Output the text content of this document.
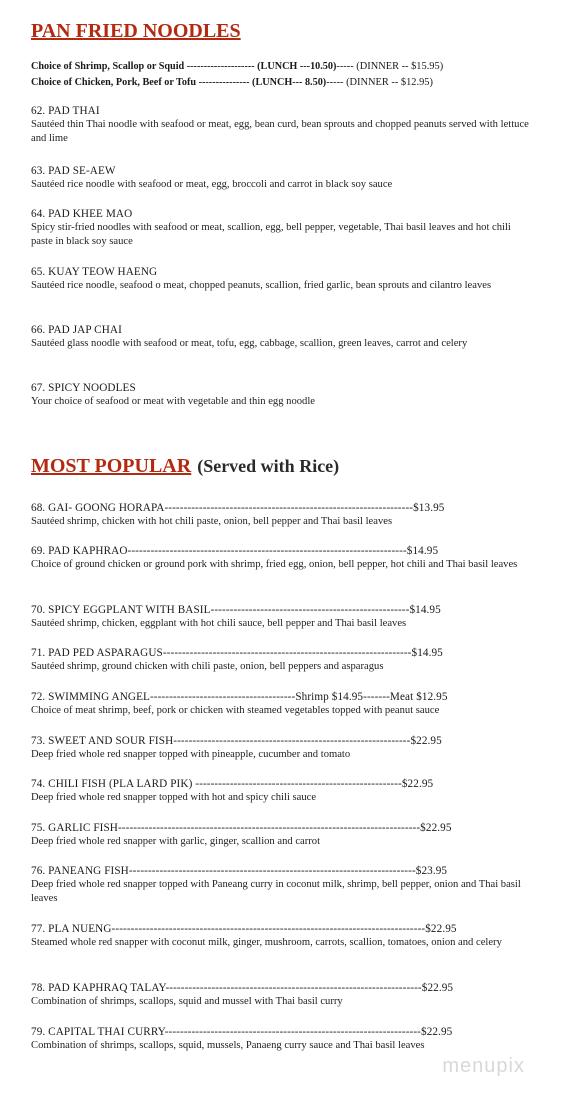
PAN FRIED NOODLES
Choice of Shrimp, Scallop or Squid -------------------- (LUNCH ---10.50)----- (DINNER -- $15.95)
Choice of Chicken, Pork, Beef or Tofu --------------- (LUNCH--- 8.50)----- (DINNER -- $12.95)
62. PAD THAI
Sautéed thin Thai noodle with seafood or meat, egg, bean curd, bean sprouts and chopped peanuts served with lettuce and lime
63. PAD SE-AEW
Sautéed rice noodle with seafood or meat, egg, broccoli and carrot in black soy sauce
64. PAD KHEE MAO
Spicy stir-fried noodles with seafood or meat, scallion, egg, bell pepper, vegetable, Thai basil leaves and hot chili paste in black soy sauce
65. KUAY TEOW HAENG
Sautéed rice noodle, seafood o meat, chopped peanuts, scallion, fried garlic, bean sprouts and cilantro leaves
66. PAD JAP CHAI
Sautéed glass noodle with seafood or meat, tofu, egg, cabbage, scallion, green leaves, carrot and celery
67. SPICY NOODLES
Your choice of seafood or meat with vegetable and thin egg noodle
MOST POPULAR (Served with Rice)
68. GAI- GOONG HORAPA-----------------------------------------------------------------$13.95
Sautéed shrimp, chicken with hot chili paste, onion, bell pepper and Thai basil leaves
69. PAD KAPHRAO-------------------------------------------------------------------------$14.95
Choice of ground chicken or ground pork with shrimp, fried egg, onion, bell pepper, hot chili and Thai basil leaves
70. SPICY EGGPLANT WITH BASIL----------------------------------------------------$14.95
Sautéed shrimp, chicken, eggplant with hot chili sauce, bell pepper and Thai basil leaves
71. PAD PED ASPARAGUS-----------------------------------------------------------------$14.95
Sautéed shrimp, ground chicken with chili paste, onion, bell peppers and asparagus
72. SWIMMING ANGEL--------------------------------------Shrimp $14.95-------Meat $12.95
Choice of meat shrimp, beef, pork or chicken with steamed vegetables topped with peanut sauce
73. SWEET AND SOUR FISH--------------------------------------------------------------$22.95
Deep fried whole red snapper topped with pineapple, cucumber and tomato
74. CHILI FISH (PLA LARD PIK) ------------------------------------------------------$22.95
Deep fried whole red snapper topped with hot and spicy chili sauce
75. GARLIC FISH-------------------------------------------------------------------------------$22.95
Deep fried whole red snapper with garlic, ginger, scallion and carrot
76. PANEANG FISH---------------------------------------------------------------------------$23.95
Deep fried whole red snapper topped with Paneang curry in coconut milk, shrimp, bell pepper, onion and Thai basil leaves
77. PLA NUENG----------------------------------------------------------------------------------$22.95
Steamed whole red snapper with coconut milk, ginger, mushroom, carrots, scallion, tomatoes, onion and celery
78. PAD KAPHRAQ TALAY-------------------------------------------------------------------$22.95
Combination of shrimps, scallops, squid and mussel with Thai basil curry
79. CAPITAL THAI CURRY-------------------------------------------------------------------$22.95
Combination of shrimps, scallops, squid, mussels, Panaeng curry sauce and Thai basil leaves
menupix
